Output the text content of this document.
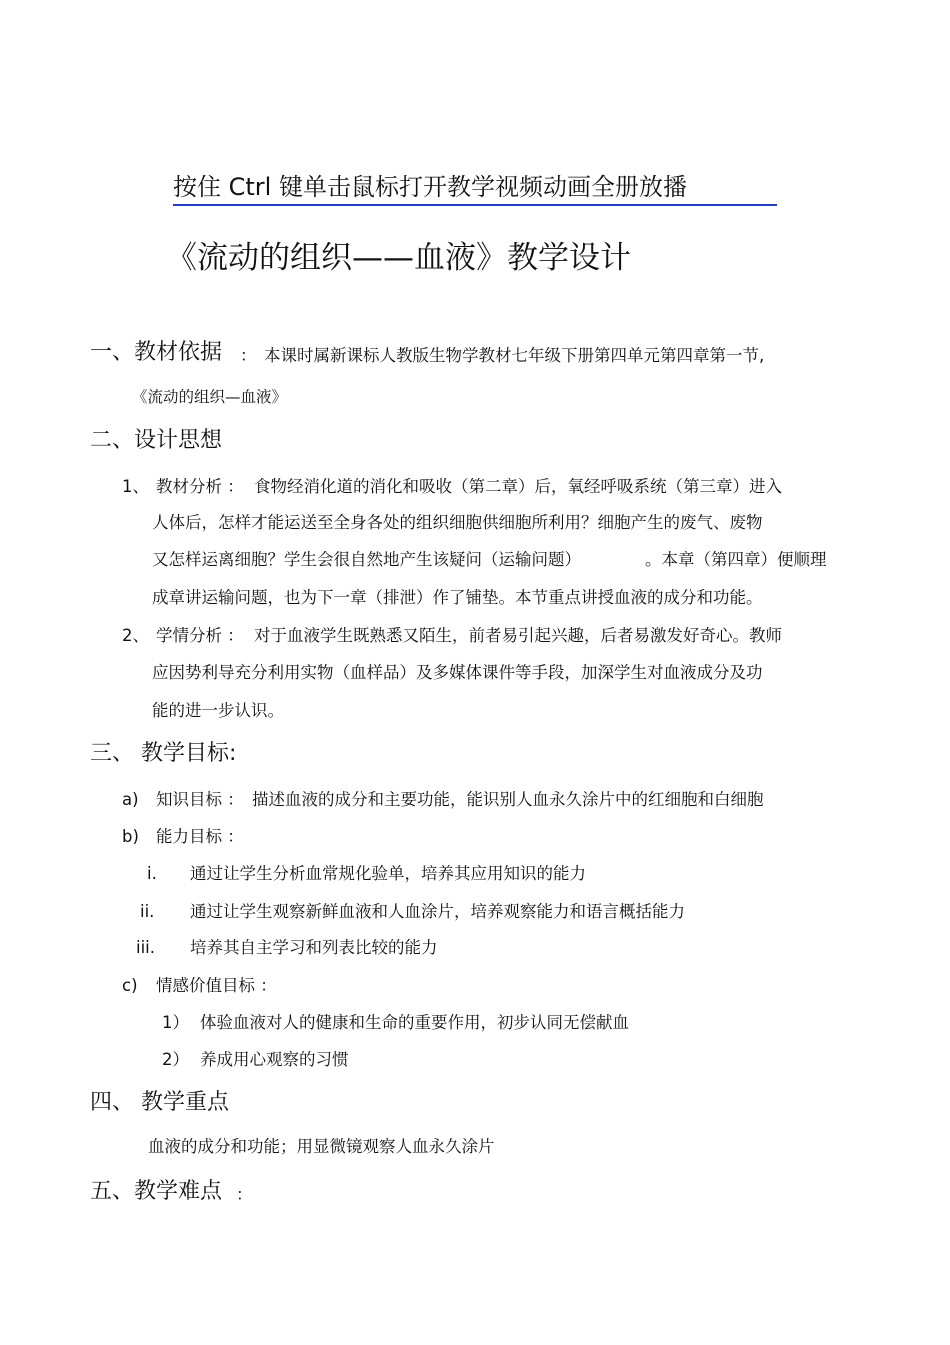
按住 Ctrl 键单击鼠标打开教学视频动画全册放播
《流动的组织——血液》教学设计
一、教材依据 ： 本课时属新课标人教版生物学教材七年级下册第四单元第四章第一节,
《流动的组织—血液》
二、设计思想
1、 教材分析 ： 食物经消化道的消化和吸收（第二章）后，氧经呼吸系统（第三章）进入
人体后，怎样才能运送至全身各处的组织细胞供细胞所利用？细胞产生的废气、废物
又怎样运离细胞？学生会很自然地产生该疑问（运输问题）	。本章（第四章）便顺理
成章讲运输问题，也为下一章（排泄）作了铺垫。本节重点讲授血液的成分和功能。
2、 学情分析 ： 对于血液学生既熟悉又陌生，前者易引起兴趣，后者易激发好奇心。教师
应因势利导充分利用实物（血样品）及多媒体课件等手段，加深学生对血液成分及功
能的进一步认识。
三、 教学目标:
a) 知识目标 ： 描述血液的成分和主要功能，能识别人血永久涂片中的红细胞和白细胞
b) 能力目标 ：
i. 通过让学生分析血常规化验单，培养其应用知识的能力
ii. 通过让学生观察新鲜血液和人血涂片，培养观察能力和语言概括能力
iii. 培养其自主学习和列表比较的能力
c) 情感价值目标 ：
1） 体验血液对人的健康和生命的重要作用，初步认同无偿献血
2） 养成用心观察的习惯
四、 教学重点
血液的成分和功能；用显微镜观察人血永久涂片
五、教学难点 ：
